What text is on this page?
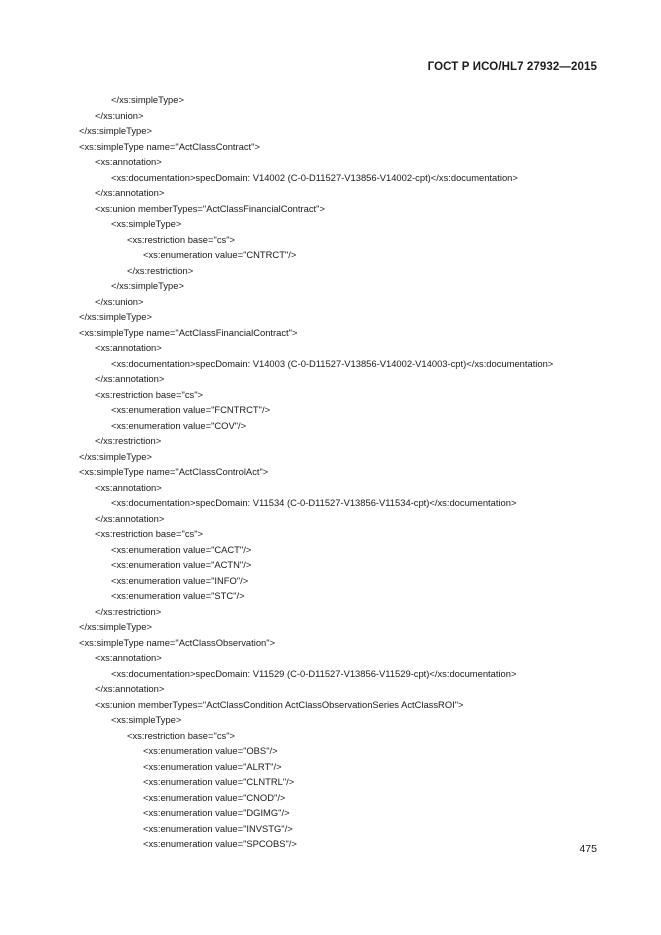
ГОСТ Р ИСО/HL7 27932—2015
</xs:simpleType>
</xs:union>
</xs:simpleType>
<xs:simpleType name="ActClassContract">
<xs:annotation>
<xs:documentation>specDomain: V14002 (C-0-D11527-V13856-V14002-cpt)</xs:documentation>
</xs:annotation>
<xs:union memberTypes="ActClassFinancialContract">
<xs:simpleType>
<xs:restriction base="cs">
<xs:enumeration value="CNTRCT"/>
</xs:restriction>
</xs:simpleType>
</xs:union>
</xs:simpleType>
<xs:simpleType name="ActClassFinancialContract">
<xs:annotation>
<xs:documentation>specDomain: V14003 (C-0-D11527-V13856-V14002-V14003-cpt)</xs:documentation>
</xs:annotation>
<xs:restriction base="cs">
<xs:enumeration value="FCNTRCT"/>
<xs:enumeration value="COV"/>
</xs:restriction>
</xs:simpleType>
<xs:simpleType name="ActClassControlAct">
<xs:annotation>
<xs:documentation>specDomain: V11534 (C-0-D11527-V13856-V11534-cpt)</xs:documentation>
</xs:annotation>
<xs:restriction base="cs">
<xs:enumeration value="CACT"/>
<xs:enumeration value="ACTN"/>
<xs:enumeration value="INFO"/>
<xs:enumeration value="STC"/>
</xs:restriction>
</xs:simpleType>
<xs:simpleType name="ActClassObservation">
<xs:annotation>
<xs:documentation>specDomain: V11529 (C-0-D11527-V13856-V11529-cpt)</xs:documentation>
</xs:annotation>
<xs:union memberTypes="ActClassCondition ActClassObservationSeries ActClassROI">
<xs:simpleType>
<xs:restriction base="cs">
<xs:enumeration value="OBS"/>
<xs:enumeration value="ALRT"/>
<xs:enumeration value="CLNTRL"/>
<xs:enumeration value="CNOD"/>
<xs:enumeration value="DGIMG"/>
<xs:enumeration value="INVSTG"/>
<xs:enumeration value="SPCOBS"/>	475
